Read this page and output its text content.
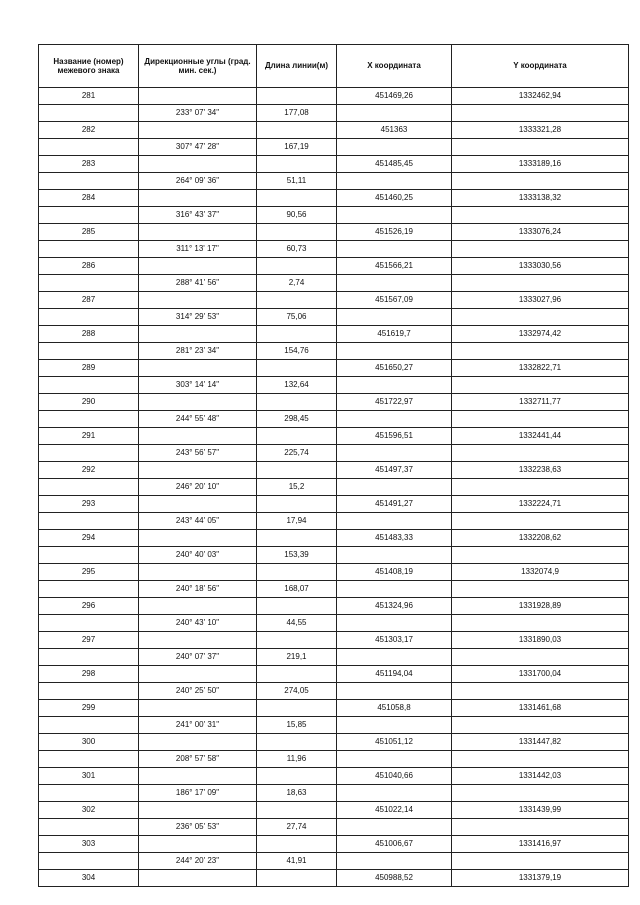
Название (номер) межевого знака	Дирекционные углы (град. мин. сек.)	Длина линии(м)	X координата	Y координата
281			451469,26	1332462,94
	233° 07' 34"	177,08		
282			451363	1333321,28
	307° 47' 28"	167,19		
283			451485,45	1333189,16
	264° 09' 36"	51,11		
284			451460,25	1333138,32
	316° 43' 37"	90,56		
285			451526,19	1333076,24
	311° 13' 17"	60,73		
286			451566,21	1333030,56
	288° 41' 56"	2,74		
287			451567,09	1333027,96
	314° 29' 53"	75,06		
288			451619,7	1332974,42
	281° 23' 34"	154,76		
289			451650,27	1332822,71
	303° 14' 14"	132,64		
290			451722,97	1332711,77
	244° 55' 48"	298,45		
291			451596,51	1332441,44
	243° 56' 57"	225,74		
292			451497,37	1332238,63
	246° 20' 10"	15,2		
293			451491,27	1332224,71
	243° 44' 05"	17,94		
294			451483,33	1332208,62
	240° 40' 03"	153,39		
295			451408,19	1332074,9
	240° 18' 56"	168,07		
296			451324,96	1331928,89
	240° 43' 10"	44,55		
297			451303,17	1331890,03
	240° 07' 37"	219,1		
298			451194,04	1331700,04
	240° 25' 50"	274,05		
299			451058,8	1331461,68
	241° 00' 31"	15,85		
300			451051,12	1331447,82
	208° 57' 58"	11,96		
301			451040,66	1331442,03
	186° 17' 09"	18,63		
302			451022,14	1331439,99
	236° 05' 53"	27,74		
303			451006,67	1331416,97
	244° 20' 23"	41,91		
304			450988,52	1331379,19
